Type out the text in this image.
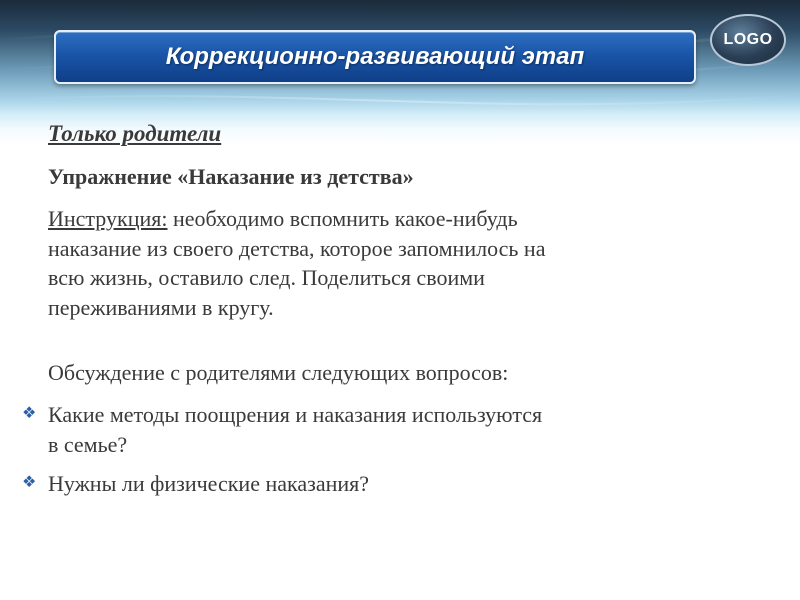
Коррекционно-развивающий этап
LOGO
Только родители
Упражнение «Наказание из детства»
Инструкция: необходимо вспомнить какое-нибудь
наказание из своего детства, которое запомнилось на
всю жизнь, оставило след. Поделиться своими
переживаниями в кругу.
Обсуждение с родителями следующих вопросов:
❖ Какие методы поощрения и наказания используются
в семье?
❖ Нужны ли физические наказания?
